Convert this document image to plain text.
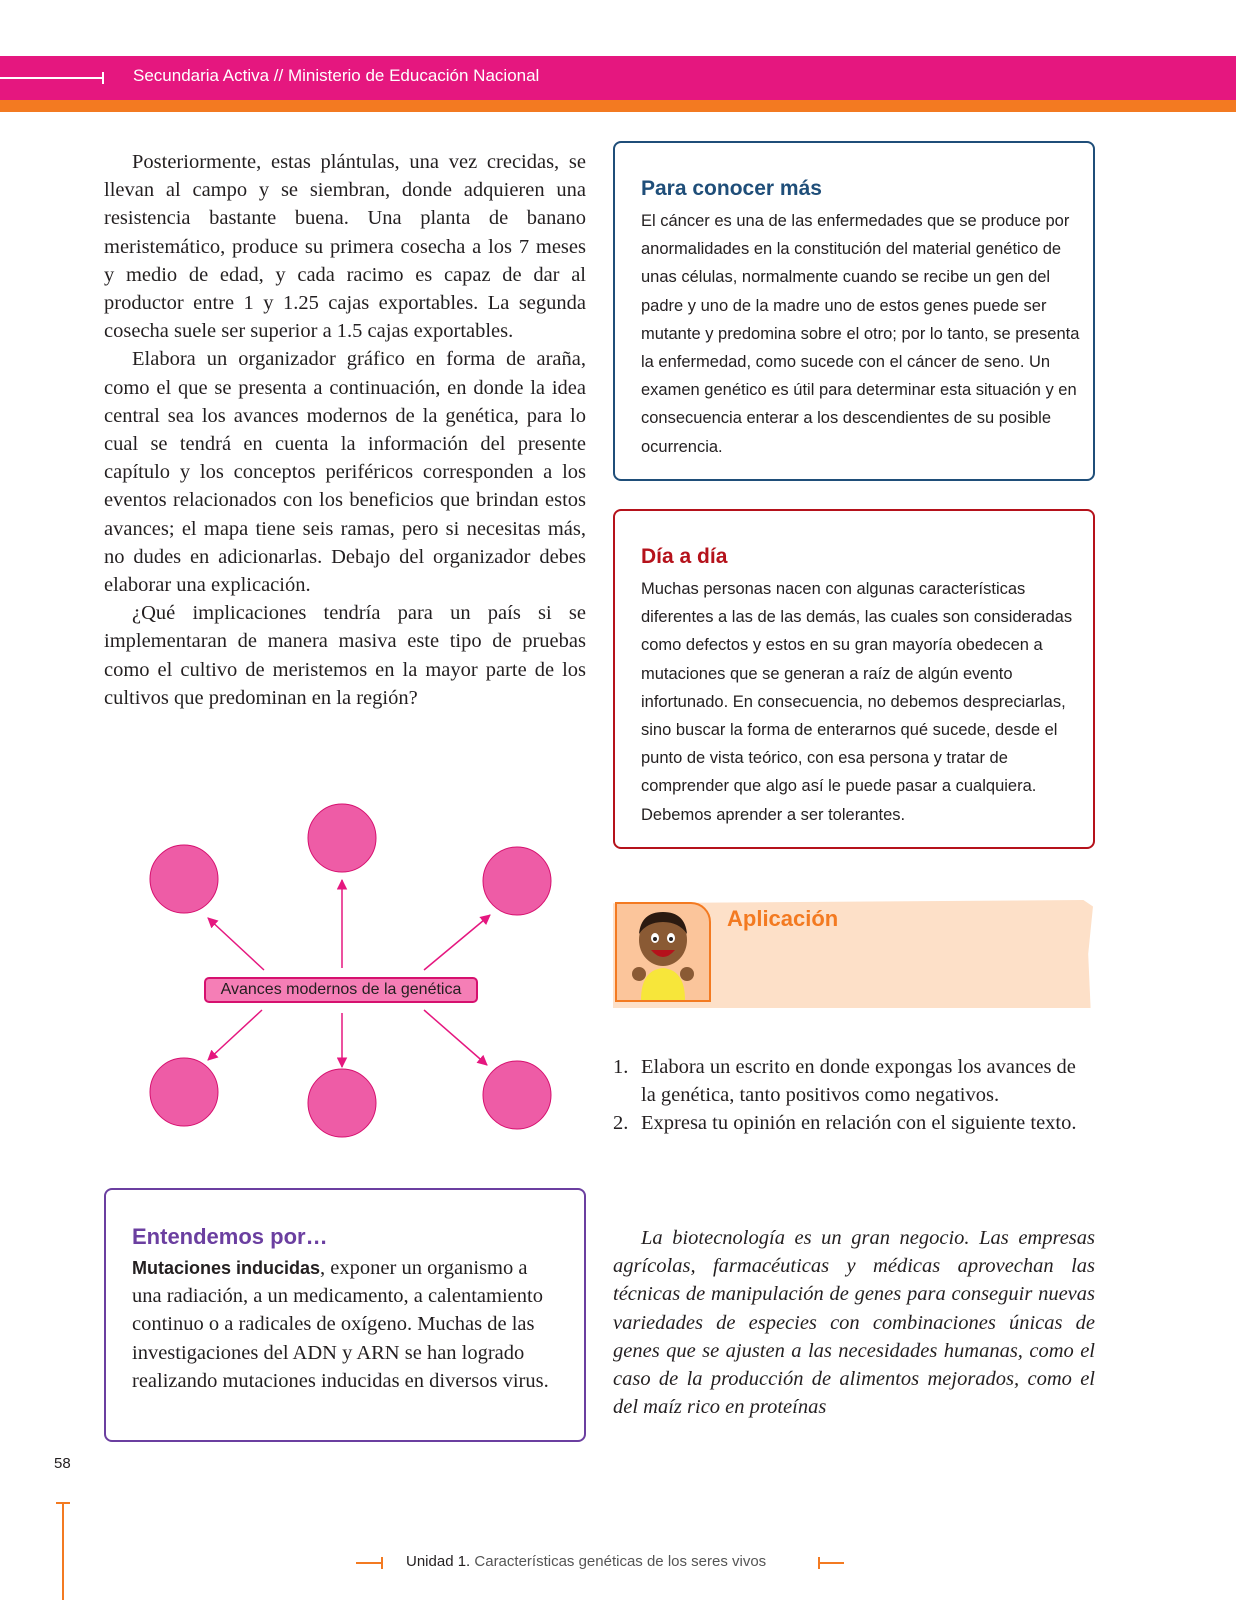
Secundaria Activa // Ministerio de Educación Nacional

Posteriormente, estas plántulas, una vez crecidas, se llevan al campo y se siembran, donde adquieren una resistencia bastante buena. Una planta de banano meristemático, produce su primera cosecha a los 7 meses y medio de edad, y cada racimo es capaz de dar al productor entre 1 y 1.25 cajas exportables. La segunda cosecha suele ser superior a 1.5 cajas exportables.

Elabora un organizador gráfico en forma de araña, como el que se presenta a continuación, en donde la idea central sea los avances modernos de la genética, para lo cual se tendrá en cuenta la información del presente capítulo y los conceptos periféricos corresponden a los eventos relacionados con los beneficios que brindan estos avances; el mapa tiene seis ramas, pero si necesitas más, no dudes en adicionarlas. Debajo del organizador debes elaborar una explicación.

¿Qué implicaciones tendría para un país si se implementaran de manera masiva este tipo de pruebas como el cultivo de meristemos en la mayor parte de los cultivos que predominan en la región?

Avances modernos de la genética
Entendemos por…
Mutaciones inducidas, exponer un organismo a una radiación, a un medicamento, a calentamiento continuo o a radicales de oxígeno. Muchas de las investigaciones del ADN y ARN se han logrado realizando mutaciones inducidas en diversos virus.
Para conocer más
El cáncer es una de las enfermedades que se produce por anormalidades en la constitución del material genético de unas células, normalmente cuando se recibe un gen del padre y uno de la madre uno de estos genes puede ser mutante y predomina sobre el otro; por lo tanto, se presenta la enfermedad, como sucede con el cáncer de seno. Un examen genético es útil para determinar esta situación y en consecuencia enterar a los descendientes de su posible ocurrencia.
Día a día
Muchas personas nacen con algunas características diferentes a las de las demás, las cuales son consideradas como defectos y estos en su gran mayoría obedecen a mutaciones que se generan a raíz de algún evento infortunado. En consecuencia, no debemos despreciarlas, sino buscar la forma de enterarnos qué sucede, desde el punto de vista teórico, con esa persona y tratar de comprender que algo así le puede pasar a cualquiera. Debemos aprender a ser tolerantes.
Aplicación
1. Elabora un escrito en donde expongas los avances de la genética, tanto positivos como negativos.
2. Expresa tu opinión en relación con el siguiente texto.
La biotecnología es un gran negocio. Las empresas agrícolas, farmacéuticas y médicas aprovechan las técnicas de manipulación de genes para conseguir nuevas variedades de especies con combinaciones únicas de genes que se ajusten a las necesidades humanas, como el caso de la producción de alimentos mejorados, como el del maíz rico en proteínas
58
Unidad 1. Características genéticas de los seres vivos
